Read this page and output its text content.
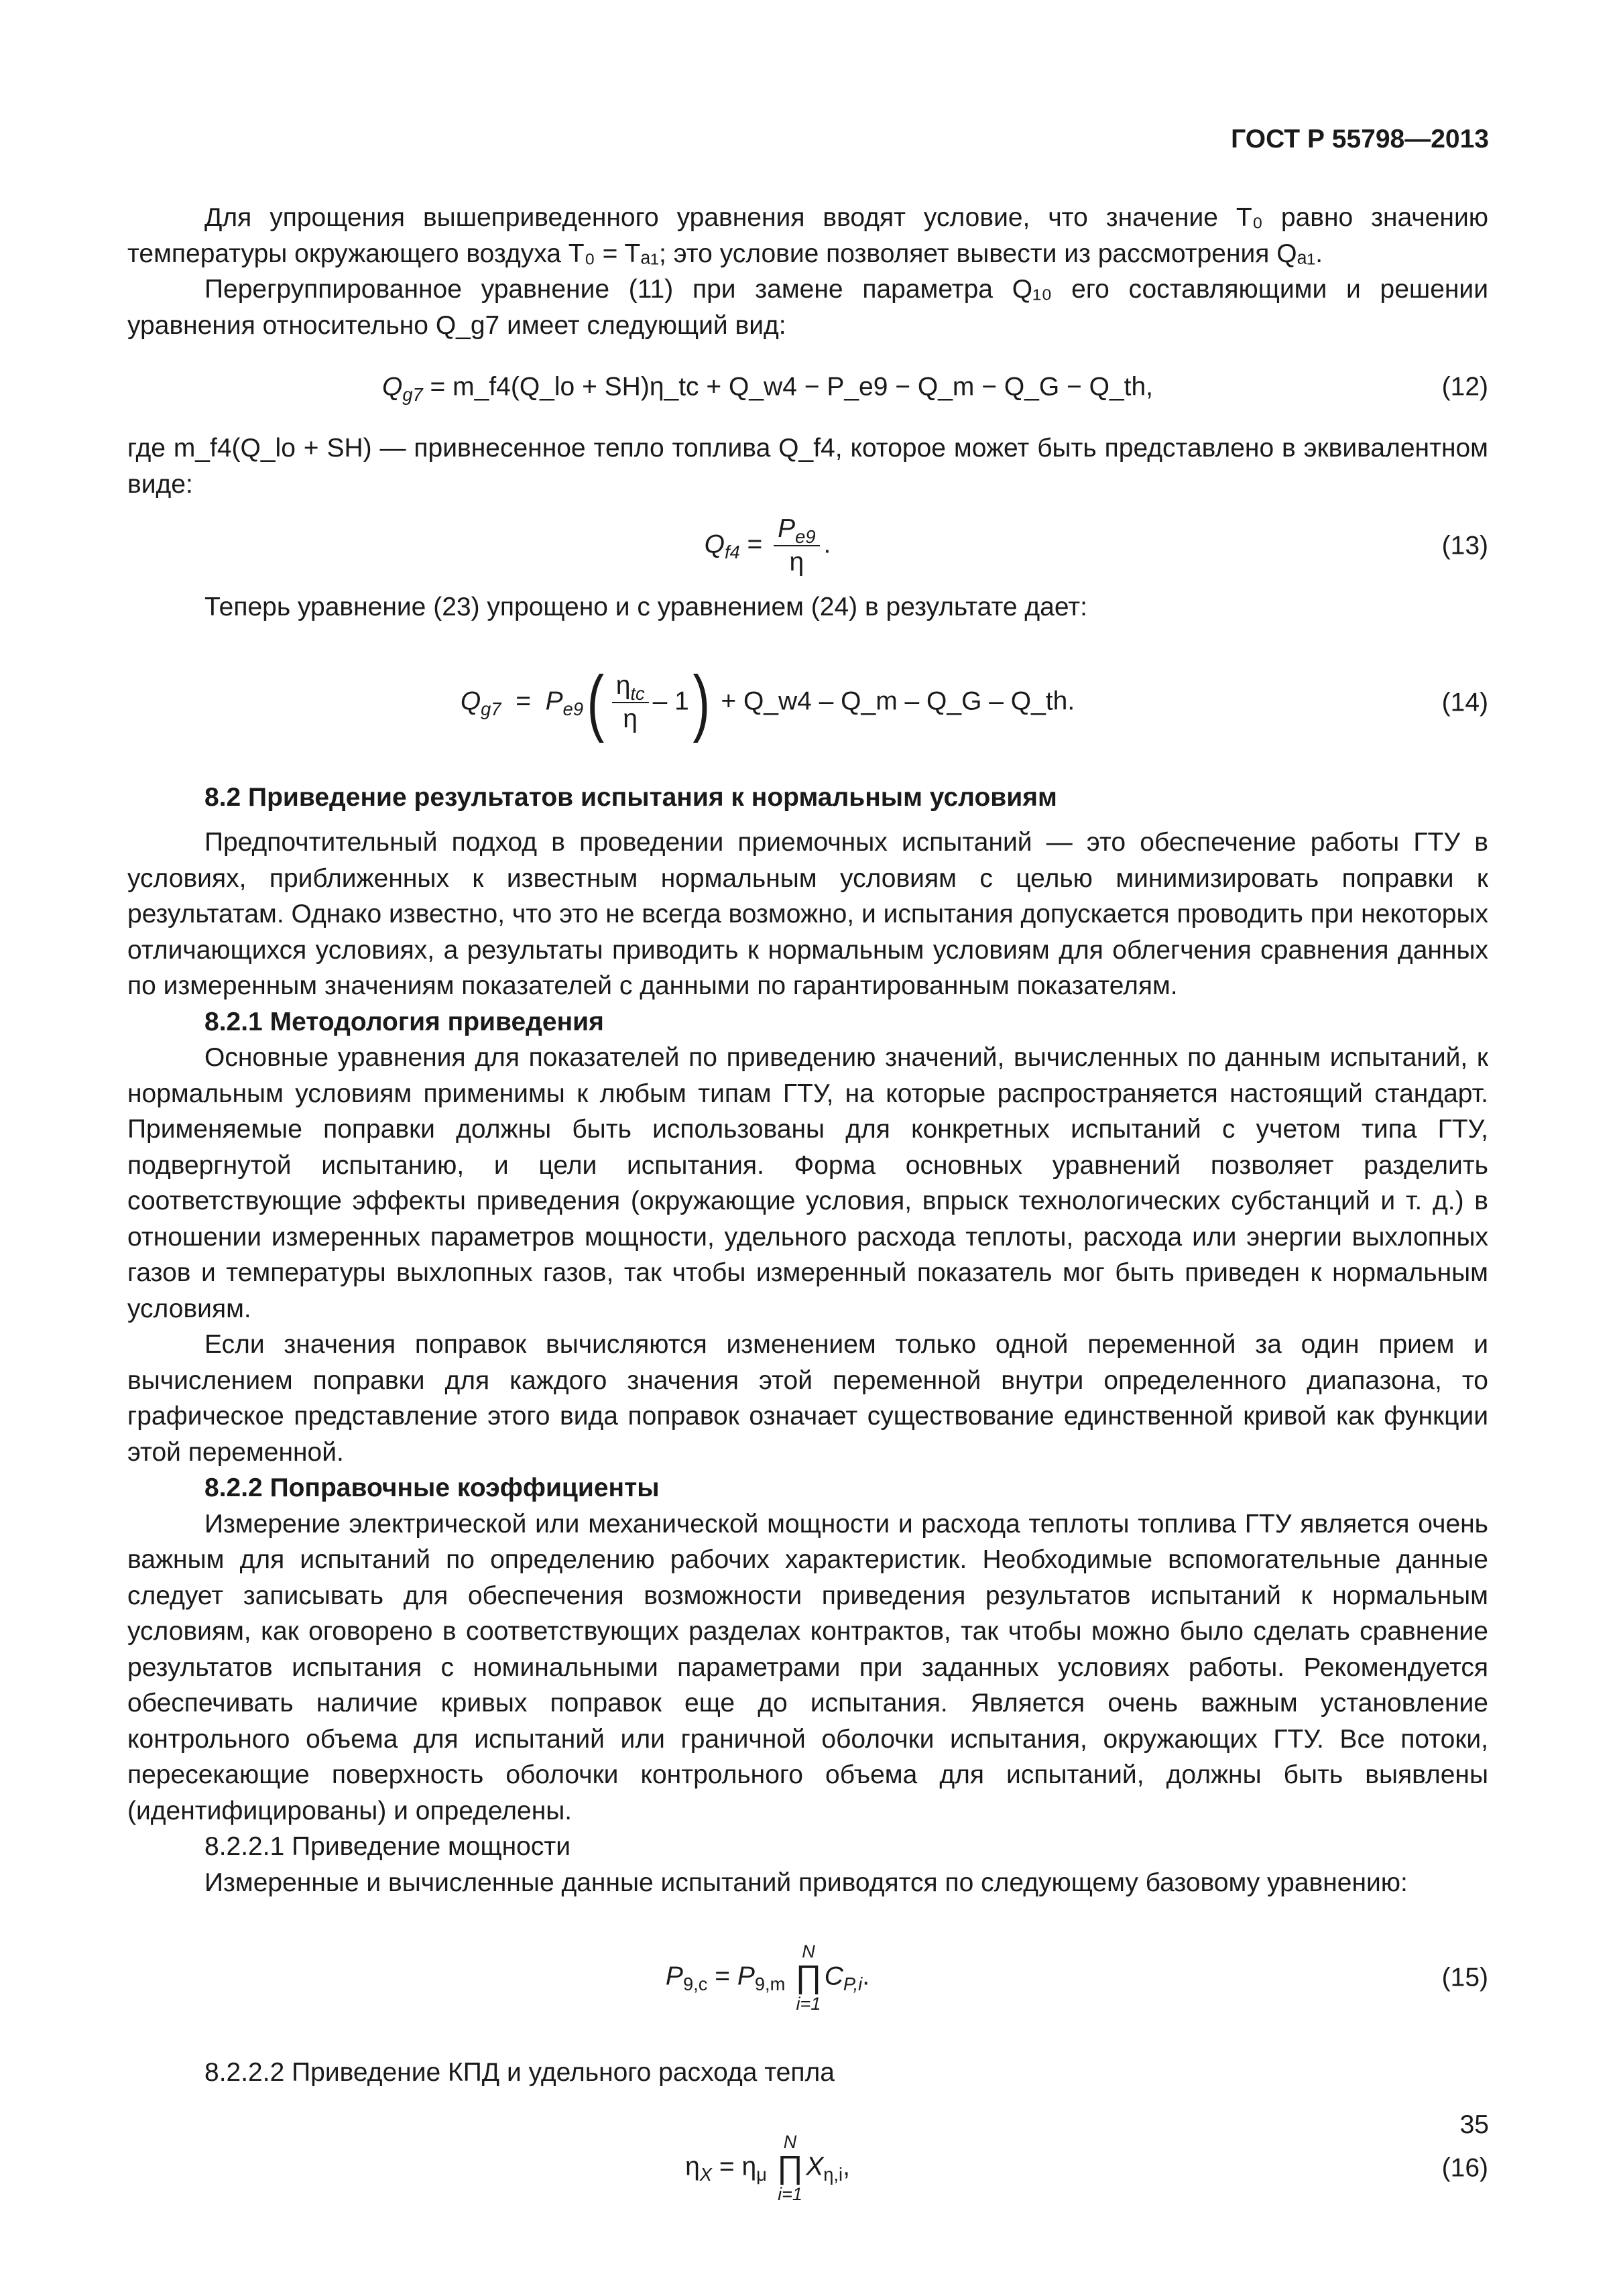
ГОСТ Р 55798—2013

Для упрощения вышеприведенного уравнения вводят условие, что значение T₀ равно значению температуры окружающего воздуха T₀ = Tₐ₁; это условие позволяет вывести из рассмотрения Qₐ₁.

Перегруппированное уравнение (11) при замене параметра Q₁₀ его составляющими и решении уравнения относительно Q_g7 имеет следующий вид:

$Q_{g7}$ = m_f4(Q_lo + SH)η_tc + Q_w4 − P_e9 − Q_m − Q_G − Q_th,	(12)

где m_f4(Q_lo + SH) — привнесенное тепло топлива Q_f4, которое может быть представлено в эквивалентном виде:

$Q_{f4} = \frac{P_{e9}}{\eta}$ .	(13)

Теперь уравнение (23) упрощено и с уравнением (24) в результате дает:

$Q_{g7} = P_{e9}( \frac{\eta_{tc}}{\eta} - 1)$ + Q_w4 – Q_m – Q_G – Q_th.	(14)
8.2 Приведение результатов испытания к нормальным условиям

Предпочтительный подход в проведении приемочных испытаний — это обеспечение работы ГТУ в условиях, приближенных к известным нормальным условиям с целью минимизировать поправки к результатам. Однако известно, что это не всегда возможно, и испытания допускается проводить при некоторых отличающихся условиях, а результаты приводить к нормальным условиям для облегчения сравнения данных по измеренным значениям показателей с данными по гарантированным показателям.

8.2.1 Методология приведения

Основные уравнения для показателей по приведению значений, вычисленных по данным испытаний, к нормальным условиям применимы к любым типам ГТУ, на которые распространяется настоящий стандарт. Применяемые поправки должны быть использованы для конкретных испытаний с учетом типа ГТУ, подвергнутой испытанию, и цели испытания. Форма основных уравнений позволяет разделить соответствующие эффекты приведения (окружающие условия, впрыск технологических субстанций и т. д.) в отношении измеренных параметров мощности, удельного расхода теплоты, расхода или энергии выхлопных газов и температуры выхлопных газов, так чтобы измеренный показатель мог быть приведен к нормальным условиям.

Если значения поправок вычисляются изменением только одной переменной за один прием и вычислением поправки для каждого значения этой переменной внутри определенного диапазона, то графическое представление этого вида поправок означает существование единственной кривой как функции этой переменной.

8.2.2 Поправочные коэффициенты

Измерение электрической или механической мощности и расхода теплоты топлива ГТУ является очень важным для испытаний по определению рабочих характеристик. Необходимые вспомогательные данные следует записывать для обеспечения возможности приведения результатов испытаний к нормальным условиям, как оговорено в соответствующих разделах контрактов, так чтобы можно было сделать сравнение результатов испытания с номинальными параметрами при заданных условиях работы. Рекомендуется обеспечивать наличие кривых поправок еще до испытания. Является очень важным установление контрольного объема для испытаний или граничной оболочки испытания, окружающих ГТУ. Все потоки, пересекающие поверхность оболочки контрольного объема для испытаний, должны быть выявлены (идентифицированы) и определены.

8.2.2.1 Приведение мощности

Измеренные и вычисленные данные испытаний приводятся по следующему базовому уравнению:

$P_{9,c} = P_{9,m}$
N
∏
i=1
$C_{P,i}$.	(15)
8.2.2.2 Приведение КПД и удельного расхода тепла
$\eta_X = \eta_\mu$
N
∏
i=1
$X_{\eta,i}$,	(16)
35
